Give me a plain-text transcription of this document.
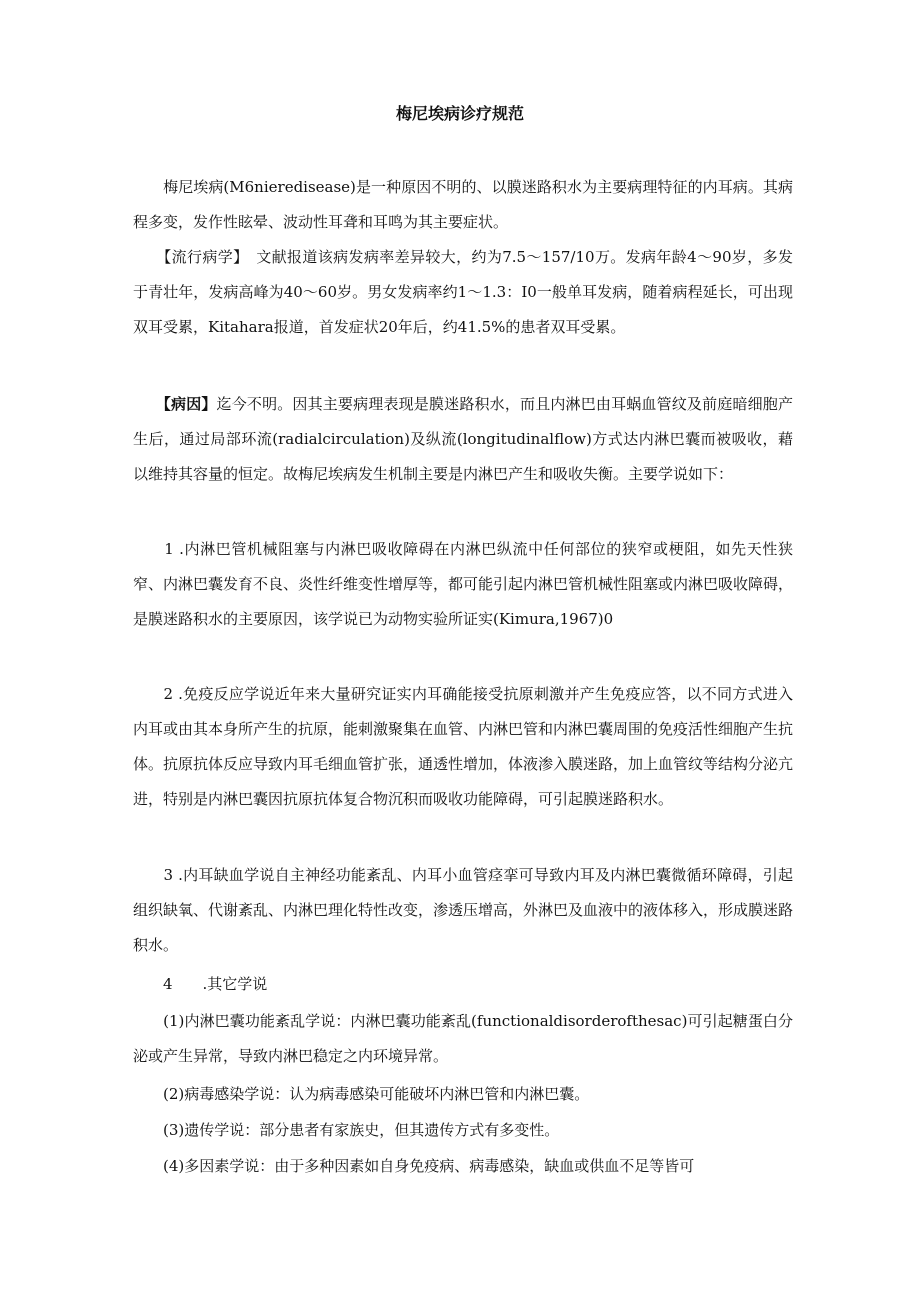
梅尼埃病诊疗规范
　　梅尼埃病(M6nieredisease)是一种原因不明的、以膜迷路积水为主要病理特征的内耳病。其病程多变，发作性眩晕、波动性耳聋和耳鸣为其主要症状。
　　【流行病学】　文献报道该病发病率差异较大，约为7.5～157/10万。发病年龄4～90岁，多发于青壮年，发病高峰为40～60岁。男女发病率约1～1.3：I0一般单耳发病，随着病程延长，可出现双耳受累，Kitahara报道，首发症状20年后，约41.5%的患者双耳受累。
　　【病因】迄今不明。因其主要病理表现是膜迷路积水，而且内淋巴由耳蜗血管纹及前庭暗细胞产生后，通过局部环流(radialcirculation)及纵流(longitudinalflow)方式达内淋巴囊而被吸收，藉以维持其容量的恒定。故梅尼埃病发生机制主要是内淋巴产生和吸收失衡。主要学说如下：
　　1 .内淋巴管机械阻塞与内淋巴吸收障碍在内淋巴纵流中任何部位的狭窄或梗阻，如先天性狭窄、内淋巴囊发育不良、炎性纤维变性增厚等，都可能引起内淋巴管机械性阻塞或内淋巴吸收障碍，是膜迷路积水的主要原因，该学说已为动物实验所证实(Kimura,1967)0
　　2 .免疫反应学说近年来大量研究证实内耳确能接受抗原刺激并产生免疫应答，以不同方式进入内耳或由其本身所产生的抗原，能刺激聚集在血管、内淋巴管和内淋巴囊周围的免疫活性细胞产生抗体。抗原抗体反应导致内耳毛细血管扩张，通透性增加，体液渗入膜迷路，加上血管纹等结构分泌亢进，特别是内淋巴囊因抗原抗体复合物沉积而吸收功能障碍，可引起膜迷路积水。
　　3 .内耳缺血学说自主神经功能紊乱、内耳小血管痉挛可导致内耳及内淋巴囊微循环障碍，引起组织缺氧、代谢紊乱、内淋巴理化特性改变，渗透压增高，外淋巴及血液中的液体移入，形成膜迷路积水。
　　4　　.其它学说
　　(1)内淋巴囊功能紊乱学说：内淋巴囊功能紊乱(functionaldisorderofthesac)可引起糖蛋白分泌或产生异常，导致内淋巴稳定之内环境异常。
　　(2)病毒感染学说：认为病毒感染可能破坏内淋巴管和内淋巴囊。
　　(3)遗传学说：部分患者有家族史，但其遗传方式有多变性。
　　(4)多因素学说：由于多种因素如自身免疫病、病毒感染，缺血或供血不足等皆可
